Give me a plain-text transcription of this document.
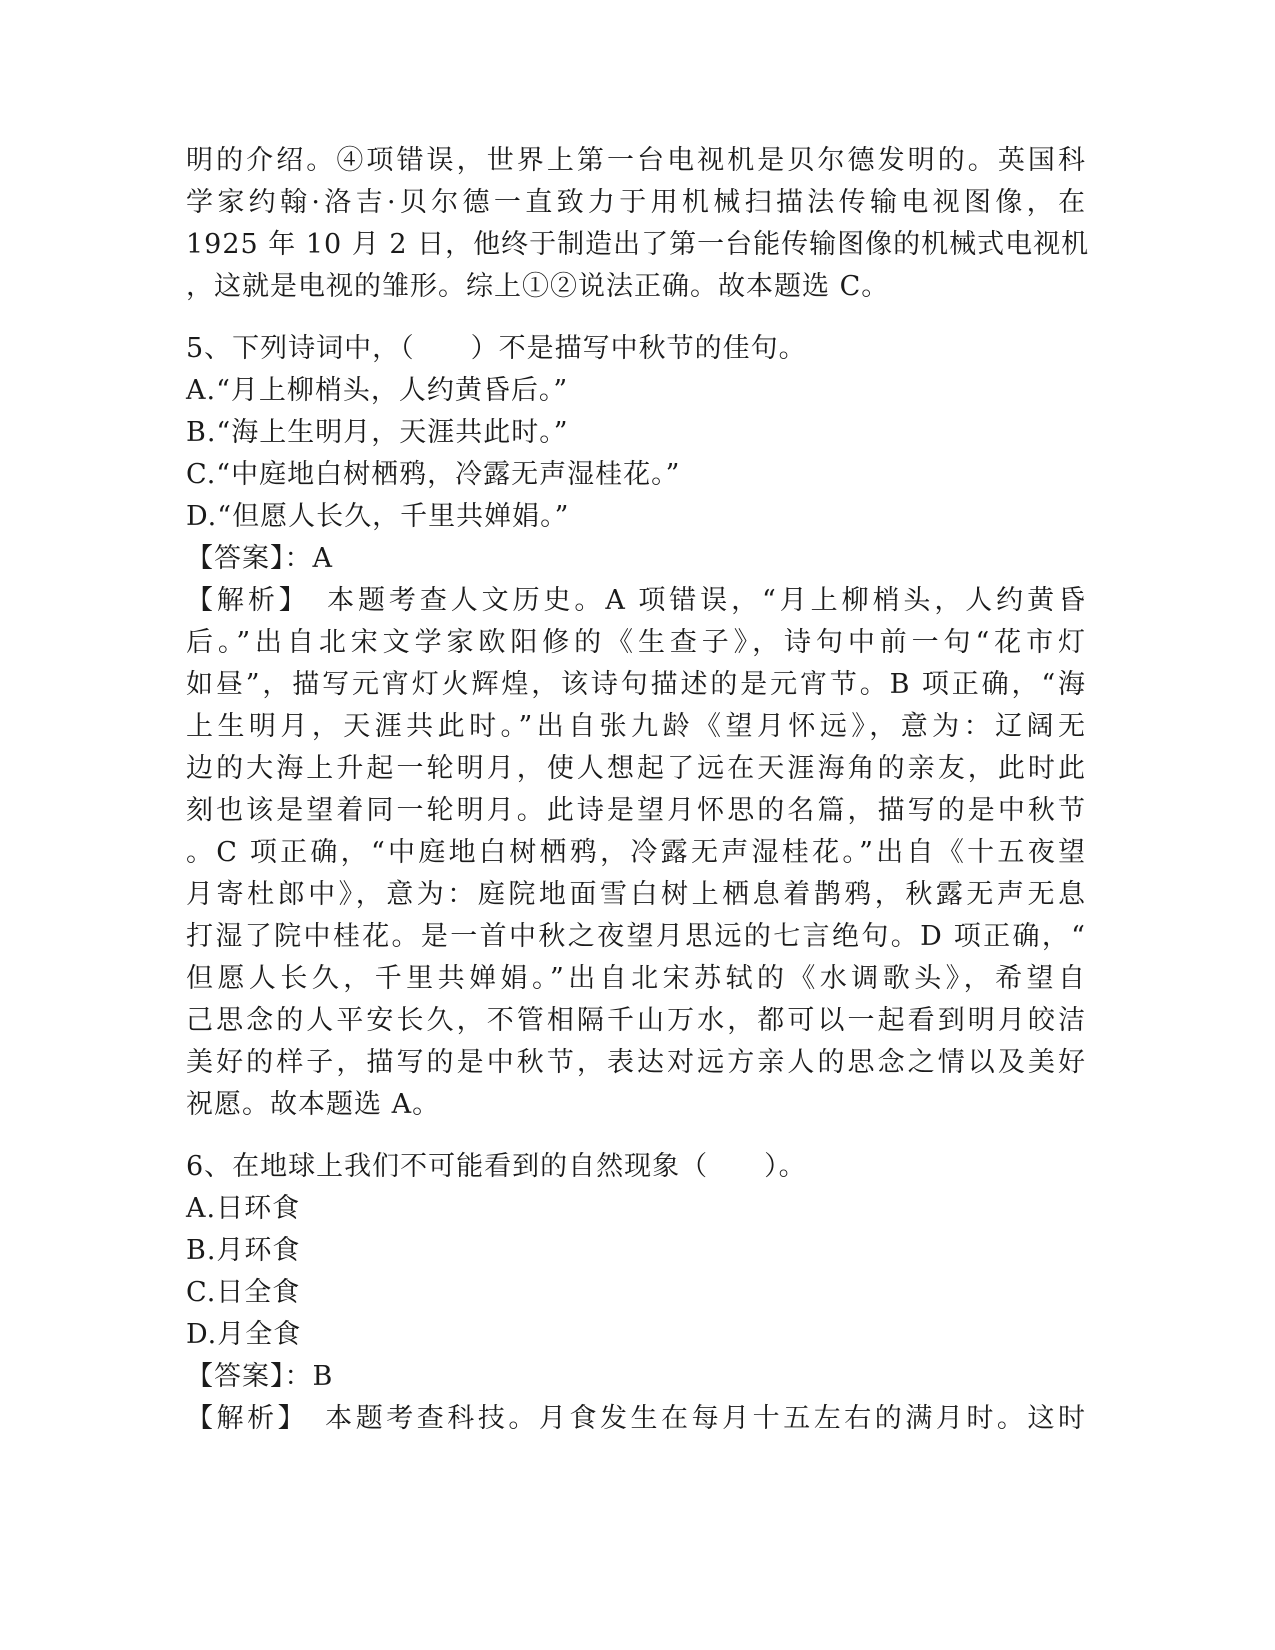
明的介绍。④项错误，世界上第一台电视机是贝尔德发明的。英国科
学家约翰·洛吉·贝尔德一直致力于用机械扫描法传输电视图像，在
1925 年 10 月 2 日，他终于制造出了第一台能传输图像的机械式电视机
，这就是电视的雏形。综上①②说法正确。故本题选 C。
5、下列诗词中，（　　）不是描写中秋节的佳句。
A.“月上柳梢头，人约黄昏后。”
B.“海上生明月，天涯共此时。”
C.“中庭地白树栖鸦，冷露无声湿桂花。”
D.“但愿人长久，千里共婵娟。”
【答案】：A
【解析】　本题考查人文历史。A 项错误，“月上柳梢头，人约黄昏
后。”出自北宋文学家欧阳修的《生查子》，诗句中前一句“花市灯
如昼”，描写元宵灯火辉煌，该诗句描述的是元宵节。B 项正确，“海
上生明月，天涯共此时。”出自张九龄《望月怀远》，意为：辽阔无
边的大海上升起一轮明月，使人想起了远在天涯海角的亲友，此时此
刻也该是望着同一轮明月。此诗是望月怀思的名篇，描写的是中秋节
。C 项正确，“中庭地白树栖鸦，冷露无声湿桂花。”出自《十五夜望
月寄杜郎中》，意为：庭院地面雪白树上栖息着鹊鸦，秋露无声无息
打湿了院中桂花。是一首中秋之夜望月思远的七言绝句。D 项正确，“
但愿人长久，千里共婵娟。”出自北宋苏轼的《水调歌头》，希望自
己思念的人平安长久，不管相隔千山万水，都可以一起看到明月皎洁
美好的样子，描写的是中秋节，表达对远方亲人的思念之情以及美好
祝愿。故本题选 A。
6、在地球上我们不可能看到的自然现象（　　）。
A.日环食
B.月环食
C.日全食
D.月全食
【答案】：B
【解析】　本题考查科技。月食发生在每月十五左右的满月时。这时
